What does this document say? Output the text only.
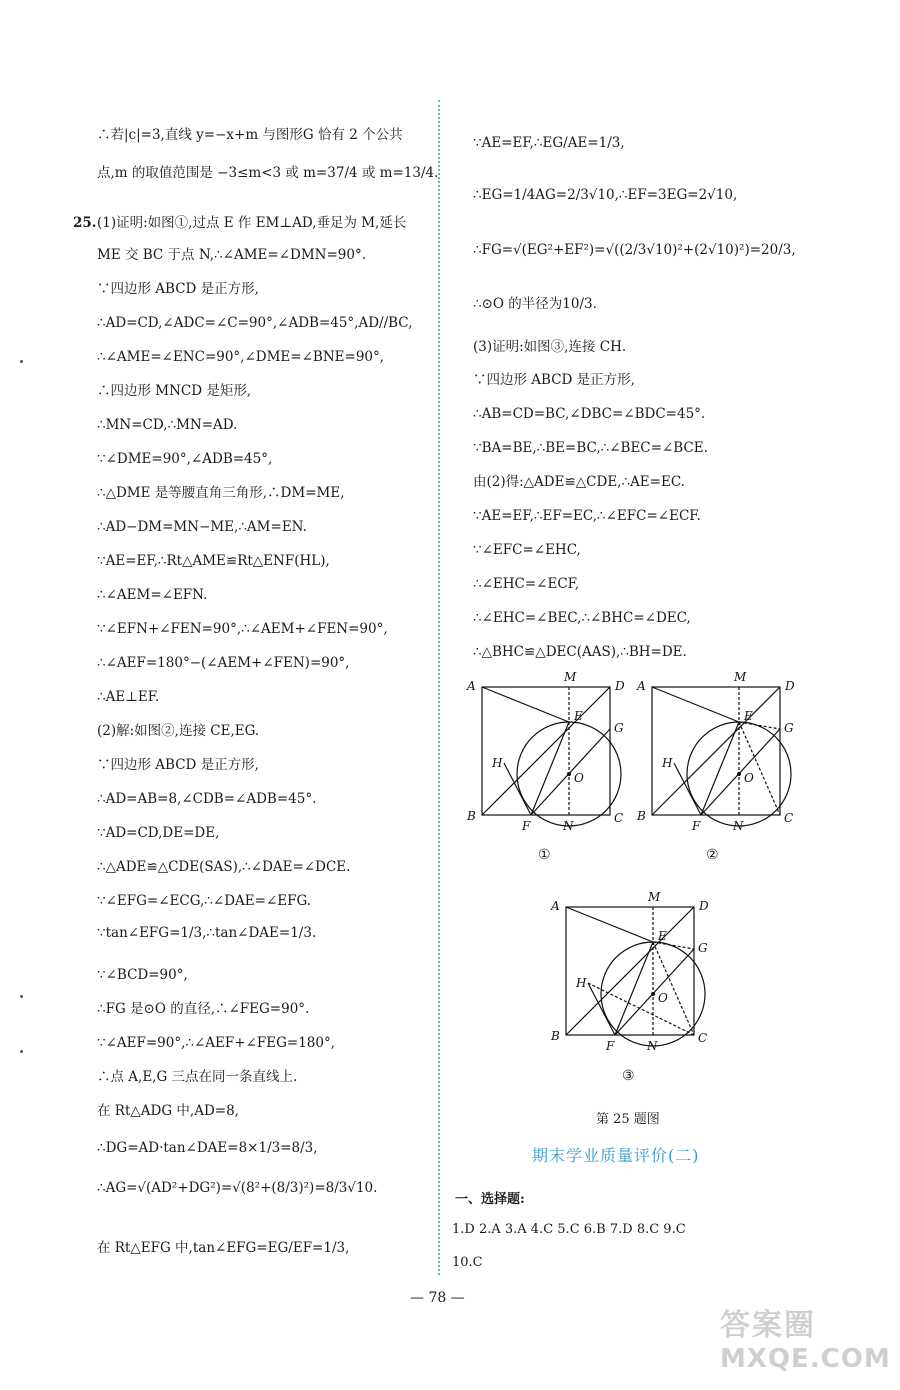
25.
∴若|c|=3,直线 y=−x+m 与图形G 恰有 2 个公共
点,m 的取值范围是 −3≤m<3 或 m=37/4 或 m=13/4.
(1)证明:如图①,过点 E 作 EM⊥AD,垂足为 M,延长
ME 交 BC 于点 N,∴∠AME=∠DMN=90°.
∵四边形 ABCD 是正方形,
∴AD=CD,∠ADC=∠C=90°,∠ADB=45°,AD//BC,
∴∠AME=∠ENC=90°,∠DME=∠BNE=90°,
∴四边形 MNCD 是矩形,
∴MN=CD,∴MN=AD.
∵∠DME=90°,∠ADB=45°,
∴△DME 是等腰直角三角形,∴DM=ME,
∴AD−DM=MN−ME,∴AM=EN.
∵AE=EF,∴Rt△AME≌Rt△ENF(HL),
∴∠AEM=∠EFN.
∵∠EFN+∠FEN=90°,∴∠AEM+∠FEN=90°,
∴∠AEF=180°−(∠AEM+∠FEN)=90°,
∴AE⊥EF.
(2)解:如图②,连接 CE,EG.
∵四边形 ABCD 是正方形,
∴AD=AB=8,∠CDB=∠ADB=45°.
∵AD=CD,DE=DE,
∴△ADE≌△CDE(SAS),∴∠DAE=∠DCE.
∵∠EFG=∠ECG,∴∠DAE=∠EFG.
∵tan∠EFG=1/3,∴tan∠DAE=1/3.
∵∠BCD=90°,
∴FG 是⊙O 的直径,∴∠FEG=90°.
∵∠AEF=90°,∴∠AEF+∠FEG=180°,
∴点 A,E,G 三点在同一条直线上.
在 Rt△ADG 中,AD=8,
∴DG=AD·tan∠DAE=8×1/3=8/3,
∴AG=√(AD²+DG²)=√(8²+(8/3)²)=8/3√10.
在 Rt△EFG 中,tan∠EFG=EG/EF=1/3,
∵AE=EF,∴EG/AE=1/3,
∴EG=1/4AG=2/3√10,∴EF=3EG=2√10,
∴FG=√(EG²+EF²)=√((2/3√10)²+(2√10)²)=20/3,
∴⊙O 的半径为10/3.
(3)证明:如图③,连接 CH.
∵四边形 ABCD 是正方形,
∴AB=CD=BC,∠DBC=∠BDC=45°.
∵BA=BE,∴BE=BC,∴∠BEC=∠BCE.
由(2)得:△ADE≌△CDE,∴AE=EC.
∵AE=EF,∴EF=EC,∴∠EFC=∠ECF.
∵∠EFC=∠EHC,
∴∠EHC=∠ECF,
∴∠EHC=∠BEC,∴∠BHC=∠DEC,
∴△BHC≌△DEC(AAS),∴BH=DE.
A	D
B	C
M
E
G
H
O
F	N
A	D
B	C
M
E
G
H
O
F	N
A	D
B	C
M
E
G
H
O
F	N
①	②
③
第 25 题图
期末学业质量评价(二)
一、选择题:
1.D 2.A 3.A 4.C 5.C 6.B 7.D 8.C 9.C
10.C
— 78 —
答案圈
MXQE.COM
